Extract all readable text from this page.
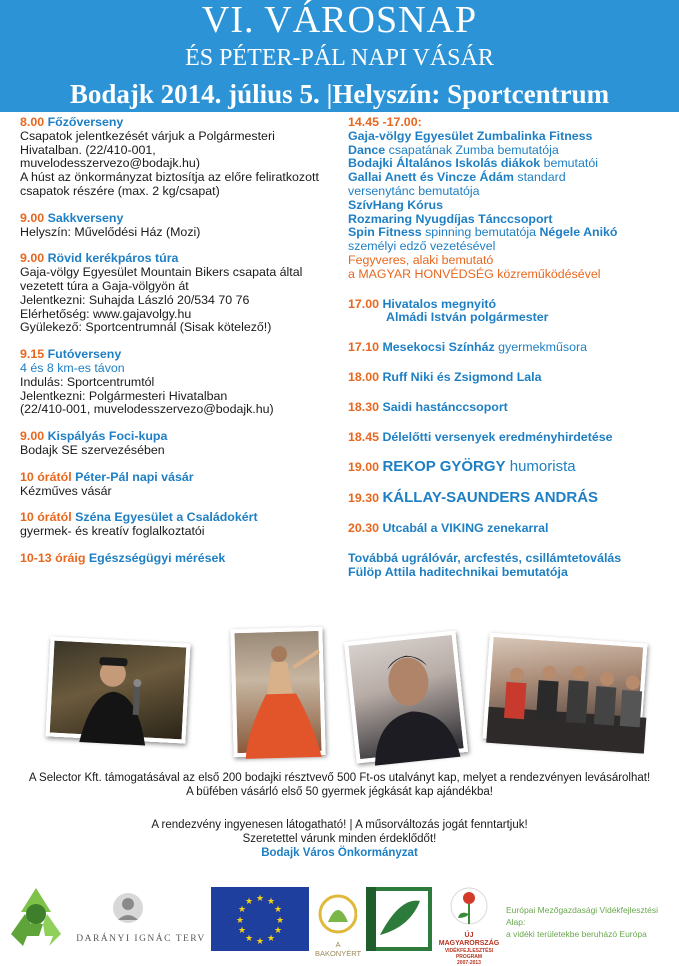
VI. VÁROSNAP
ÉS PÉTER-PÁL NAPI VÁSÁR
Bodajk 2014. július 5. |Helyszín: Sportcentrum
8.00 Főzőverseny
Csapatok jelentkezését várjuk a Polgármesteri
Hivatalban. (22/410-001,
muvelodesszervezo@bodajk.hu)
A húst az önkormányzat biztosítja az előre feliratkozott
csapatok részére (max. 2 kg/csapat)
9.00 Sakkverseny
Helyszín: Művelődési Ház (Mozi)
9.00 Rövid kerékpáros túra
Gaja-völgy Egyesület Mountain Bikers csapata által
vezetett túra a Gaja-völgyön át
Jelentkezni: Suhajda László 20/534 70 76
Elérhetőség: www.gajavolgy.hu
Gyülekező: Sportcentrumnál (Sisak kötelező!)
9.15 Futóverseny
4 és 8 km-es távon
Indulás: Sportcentrumtól
Jelentkezni: Polgármesteri Hivatalban
(22/410-001, muvelodesszervezo@bodajk.hu)
9.00 Kispályás Foci-kupa
Bodajk SE szervezésében
10 órától Péter-Pál napi vásár
Kézműves vásár
10 órától Széna Egyesület a Családokért
gyermek- és kreatív foglalkoztatói
10-13 óráig Egészségügyi mérések
14.45 -17.00:
Gaja-völgy Egyesület Zumbalinka Fitness
Dance csapatának Zumba bemutatója
Bodajki Általános Iskolás diákok bemutatói
Gallai Anett és Vincze Ádám standard
versenytánc bemutatója
SzívHang Kórus
Rozmaring Nyugdíjas Tánccsoport
Spin Fitness spinning bemutatója Négele Anikó
személyi edző vezetésével
Fegyveres, alaki bemutató
a MAGYAR HONVÉDSÉG közreműködésével
17.00 Hivatalos megnyitó
Almádi István polgármester
17.10 Mesekocsi Színház gyermekműsora
18.00 Ruff Niki és Zsigmond Lala
18.30 Saidi hastánccsoport
18.45 Délelőtti versenyek eredményhirdetése
19.00 REKOP GYÖRGY humorista
19.30 KÁLLAY-SAUNDERS ANDRÁS
20.30 Utcabál a VIKING zenekarral
Továbbá ugrálóvár, arcfestés, csillámtetoválás
Fülöp Attila haditechnikai bemutatója
A Selector Kft. támogatásával az első 200 bodajki résztvevő 500 Ft-os utalványt kap, melyet a rendezvényen levásárolhat!
A büfében vásárló első 50 gyermek jégkását kap ajándékba!
A rendezvény ingyenesen látogatható! | A műsorváltozás jogát fenntartjuk!
Szeretettel várunk minden érdeklődőt!
Bodajk Város Önkormányzat
DARÁNYI IGNÁC TERV
★ ★
★
★
★
★
★
★
★
★
★
★
A BAKONYÉRT
ÚJ MAGYARORSZÁG
VIDÉKFEJLESZTÉSI PROGRAM
2007-2013
Európai Mezőgazdasági Vidékfejlesztési Alap:
a vidéki területekbe beruházó Európa
LEADER
